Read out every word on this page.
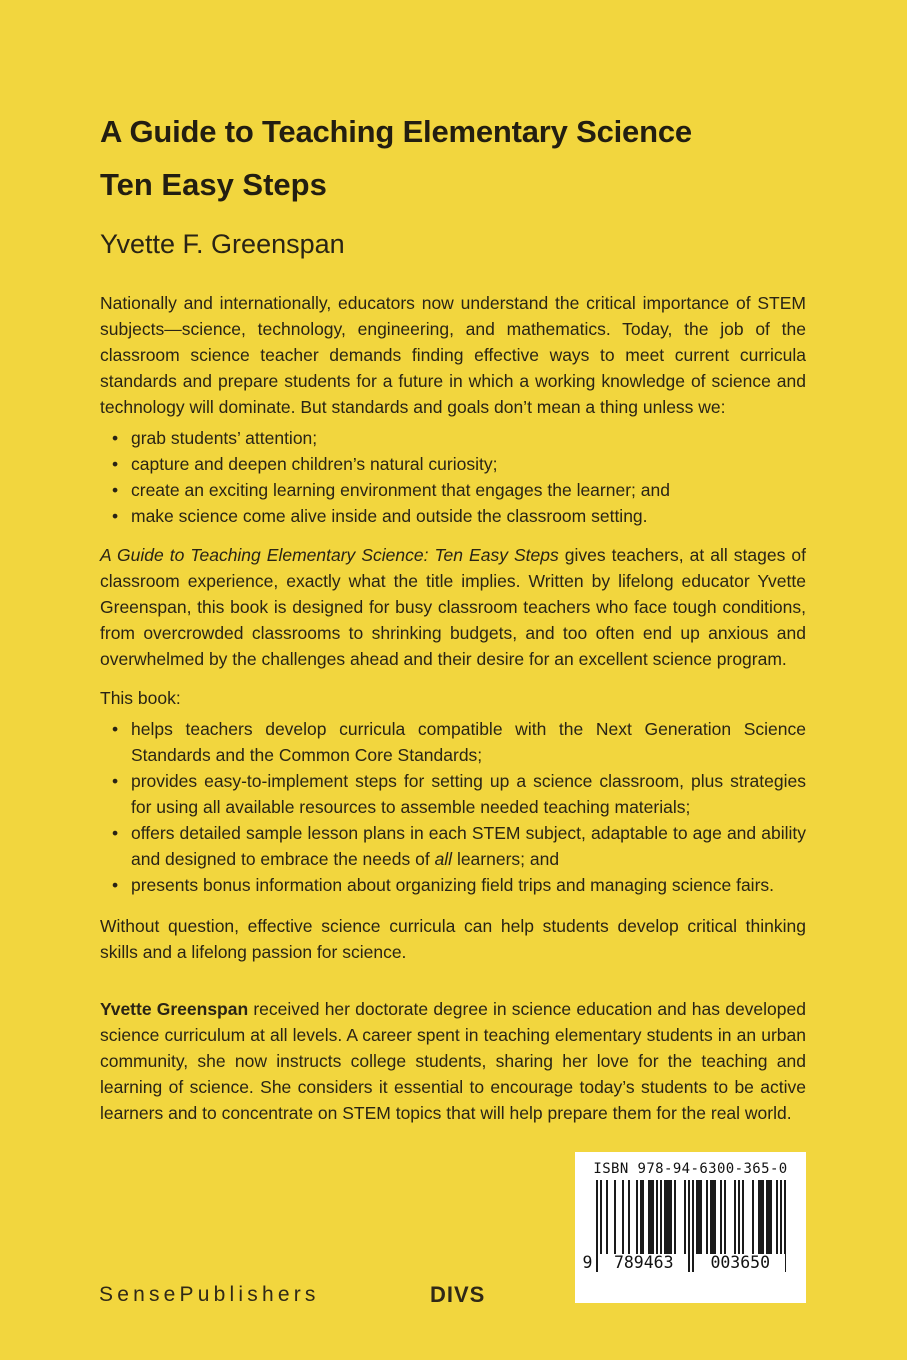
A Guide to Teaching Elementary Science
Ten Easy Steps
Yvette F. Greenspan

Nationally and internationally, educators now understand the critical importance of STEM subjects—science, technology, engineering, and mathematics. Today, the job of the classroom science teacher demands finding effective ways to meet current curricula standards and prepare students for a future in which a working knowledge of science and technology will dominate. But standards and goals don’t mean a thing unless we:

• grab students’ attention;
• capture and deepen children’s natural curiosity;
• create an exciting learning environment that engages the learner; and
• make science come alive inside and outside the classroom setting.

A Guide to Teaching Elementary Science: Ten Easy Steps gives teachers, at all stages of classroom experience, exactly what the title implies. Written by lifelong educator Yvette Greenspan, this book is designed for busy classroom teachers who face tough conditions, from overcrowded classrooms to shrinking budgets, and too often end up anxious and overwhelmed by the challenges ahead and their desire for an excellent science program.

This book:

• helps teachers develop curricula compatible with the Next Generation Science Standards and the Common Core Standards;
• provides easy-to-implement steps for setting up a science classroom, plus strategies for using all available resources to assemble needed teaching materials;
• offers detailed sample lesson plans in each STEM subject, adaptable to age and ability and designed to embrace the needs of all learners; and
• presents bonus information about organizing field trips and managing science fairs.

Without question, effective science curricula can help students develop critical thinking skills and a lifelong passion for science.

Yvette Greenspan received her doctorate degree in science education and has developed science curriculum at all levels. A career spent in teaching elementary students in an urban community, she now instructs college students, sharing her love for the teaching and learning of science. She considers it essential to encourage today’s students to be active learners and to concentrate on STEM topics that will help prepare them for the real world.

ISBN 978-94-6300-365-0
9	789463	003650
SensePublishers	DIVS
